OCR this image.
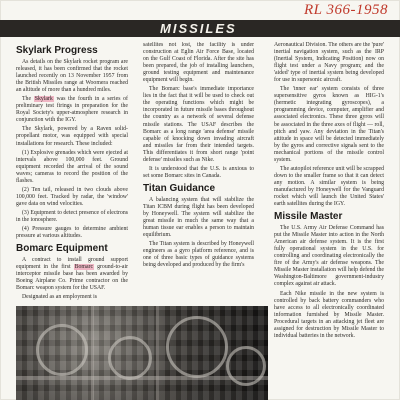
RL 366-1958
MISSILES
Skylark Progress

As details on the Skylark rocket program are released, it has been confirmed that the rocket launched recently on 13 November 1957 from the British Missiles range at Woomera reached an altitude of more than a hundred miles.

The Skylark was the fourth in a series of preliminary test firings in preparation for the Royal Society's upper-atmosphere research in conjunction with the IGY.

The Skylark, powered by a Raven solid-propellant motor, was equipped with special installations for research. These included:

(1) Explosive grenades which were ejected at intervals above 100,000 feet. Ground equipment recorded the arrival of the sound waves; cameras to record the position of the flashes.

(2) Ten tail, released in two clouds above 100,000 feet. Tracked by radar, the 'window' gave data on wind velocities.

(3) Equipment to detect presence of electrons in the ionosphere.

(4) Pressure gauges to determine ambient pressure at various altitudes.

Bomarc Equipment

A contract to install ground support equipment in the first Bomarc ground-to-air interceptor missile base has been awarded by Boeing Airplane Co. Prime contractor on the Bomarc weapon system for the USAF.

Designated as an employment is

satellites not lost, the facility is under construction at Eglin Air Force Base, located on the Gulf Coast of Florida. After the site has been prepared, the job of installing launchers, ground testing equipment and maintenance equipment will begin.

The Bomarc base's immediate importance lies in the fact that it will be used to check out the operating functions which might be incorporated in future missile bases throughout the country as a network of several defense missile stations. The USAF describes the Bomarc as a long range 'area defense' missile capable of knocking down invading aircraft and missiles far from their intended targets. This differentiates it from short range 'point defense' missiles such as Nike.

It is understood that the U.S. is anxious to set some Bomarc sites in Canada.

Titan Guidance

A balancing system that will stabilize the Titan ICBM during flight has been developed by Honeywell. The system will stabilize the great missile in much the same way that a human tissue ear enables a person to maintain equilibrium.

The Titan system is described by Honeywell engineers as a gyro platform reference, and is one of three basic types of guidance systems being developed and produced by the firm's

Aeronautical Division. The others are the 'pure' inertial navigation system, such as the IRP (Inertial System, Indicating Position) now on flight test under a Navy program; and the 'aided' type of inertial system being developed for use in supersonic aircraft.

The 'inner ear' system consists of three supersensitive gyros known as HIG-1's (hermetic integrating gyroscopes), a programming device, computer, amplifier and associated electronics. These three gyros will be associated in the three axes of flight — roll, pitch and yaw. Any deviation in the Titan's attitude in space will be detected immediately by the gyros and corrective signals sent to the mechanical portions of the missile control system.

The autopilot reference unit will be scrapped down to the smaller frame so that it can detect any motion. A similar system is being manufactured by Honeywell for the Vanguard rocket which will launch the United States' earth satellites during the IGY.

Missile Master

The U.S. Army Air Defense Command has put the Missile Master into action in the North American air defense system. It is the first fully operational system in the U.S. for controlling and coordinating electronically the fire of the Army's air defense weapons. The Missile Master installation will help defend the Washington-Baltimore government-industry complex against air attack.

Each Nike missile in the new system is controlled by back battery commanders who have access to all electronically coordinated information furnished by Missile Master. Procedural targets in an attacking jet fleet are assigned for destruction by Missile Master to individual batteries in the network.
